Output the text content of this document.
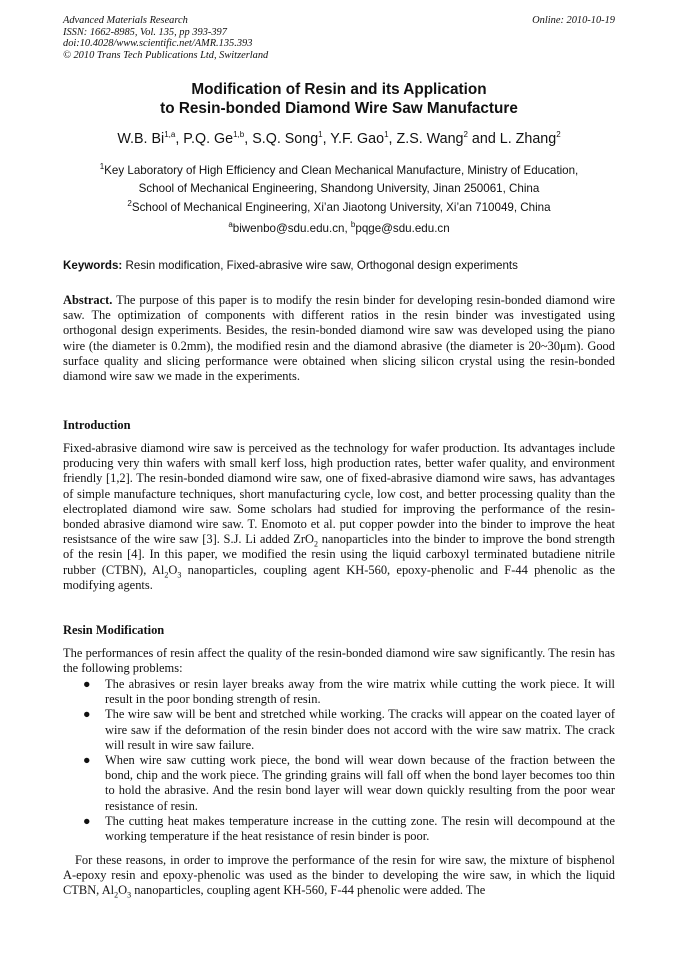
Advanced Materials Research
ISSN: 1662-8985, Vol. 135, pp 393-397
doi:10.4028/www.scientific.net/AMR.135.393
© 2010 Trans Tech Publications Ltd, Switzerland
Online: 2010-10-19
Modification of Resin and its Application
to Resin-bonded Diamond Wire Saw Manufacture
W.B. Bi$^{1,a}$, P.Q. Ge$^{1,b}$, S.Q. Song$^1$, Y.F. Gao$^1$, Z.S. Wang$^2$ and L. Zhang$^2$
$^1$Key Laboratory of High Efficiency and Clean Mechanical Manufacture, Ministry of Education,
School of Mechanical Engineering, Shandong University, Jinan 250061, China
$^2$School of Mechanical Engineering, Xi’an Jiaotong University, Xi’an 710049, China
$^a$biwenbo@sdu.edu.cn, $^b$pqge@sdu.edu.cn
Keywords: Resin modification, Fixed-abrasive wire saw, Orthogonal design experiments
Abstract. The purpose of this paper is to modify the resin binder for developing resin-bonded diamond wire saw. The optimization of components with different ratios in the resin binder was investigated using orthogonal design experiments. Besides, the resin-bonded diamond wire saw was developed using the piano wire (the diameter is 0.2mm), the modified resin and the diamond abrasive (the diameter is 20~30μm). Good surface quality and slicing performance were obtained when slicing silicon crystal using the resin-bonded diamond wire saw we made in the experiments.
Introduction
Fixed-abrasive diamond wire saw is perceived as the technology for wafer production. Its advantages include producing very thin wafers with small kerf loss, high production rates, better wafer quality, and environment friendly [1,2]. The resin-bonded diamond wire saw, one of fixed-abrasive diamond wire saws, has advantages of simple manufacture techniques, short manufacturing cycle, low cost, and better processing quality than the electroplated diamond wire saw. Some scholars had studied for improving the performance of the resin-bonded abrasive diamond wire saw. T. Enomoto et al. put copper powder into the binder to improve the heat resistsance of the wire saw [3]. S.J. Li added ZrO$_2$ nanoparticles into the binder to improve the bond strength of the resin [4]. In this paper, we modified the resin using the liquid carboxyl terminated butadiene nitrile rubber (CTBN), $Al_2O_3$ nanoparticles, coupling agent KH-560, epoxy-phenolic and F-44 phenolic as the modifying agents.
Resin Modification
The performances of resin affect the quality of the resin-bonded diamond wire saw significantly. The resin has the following problems:
● The abrasives or resin layer breaks away from the wire matrix while cutting the work piece. It will result in the poor bonding strength of resin.
● The wire saw will be bent and stretched while working. The cracks will appear on the coated layer of wire saw if the deformation of the resin binder does not accord with the wire saw matrix. The crack will result in wire saw failure.
● When wire saw cutting work piece, the bond will wear down because of the fraction between the bond, chip and the work piece. The grinding grains will fall off when the bond layer becomes too thin to hold the abrasive. And the resin bond layer will wear down quickly resulting from the poor wear resistance of resin.
● The cutting heat makes temperature increase in the cutting zone. The resin will decompound at the working temperature if the heat resistance of resin binder is poor.
For these reasons, in order to improve the performance of the resin for wire saw, the mixture of bisphenol A-epoxy resin and epoxy-phenolic was used as the binder to developing the wire saw, in which the liquid CTBN, $Al_2O_3$ nanoparticles, coupling agent KH-560, F-44 phenolic were added. The
